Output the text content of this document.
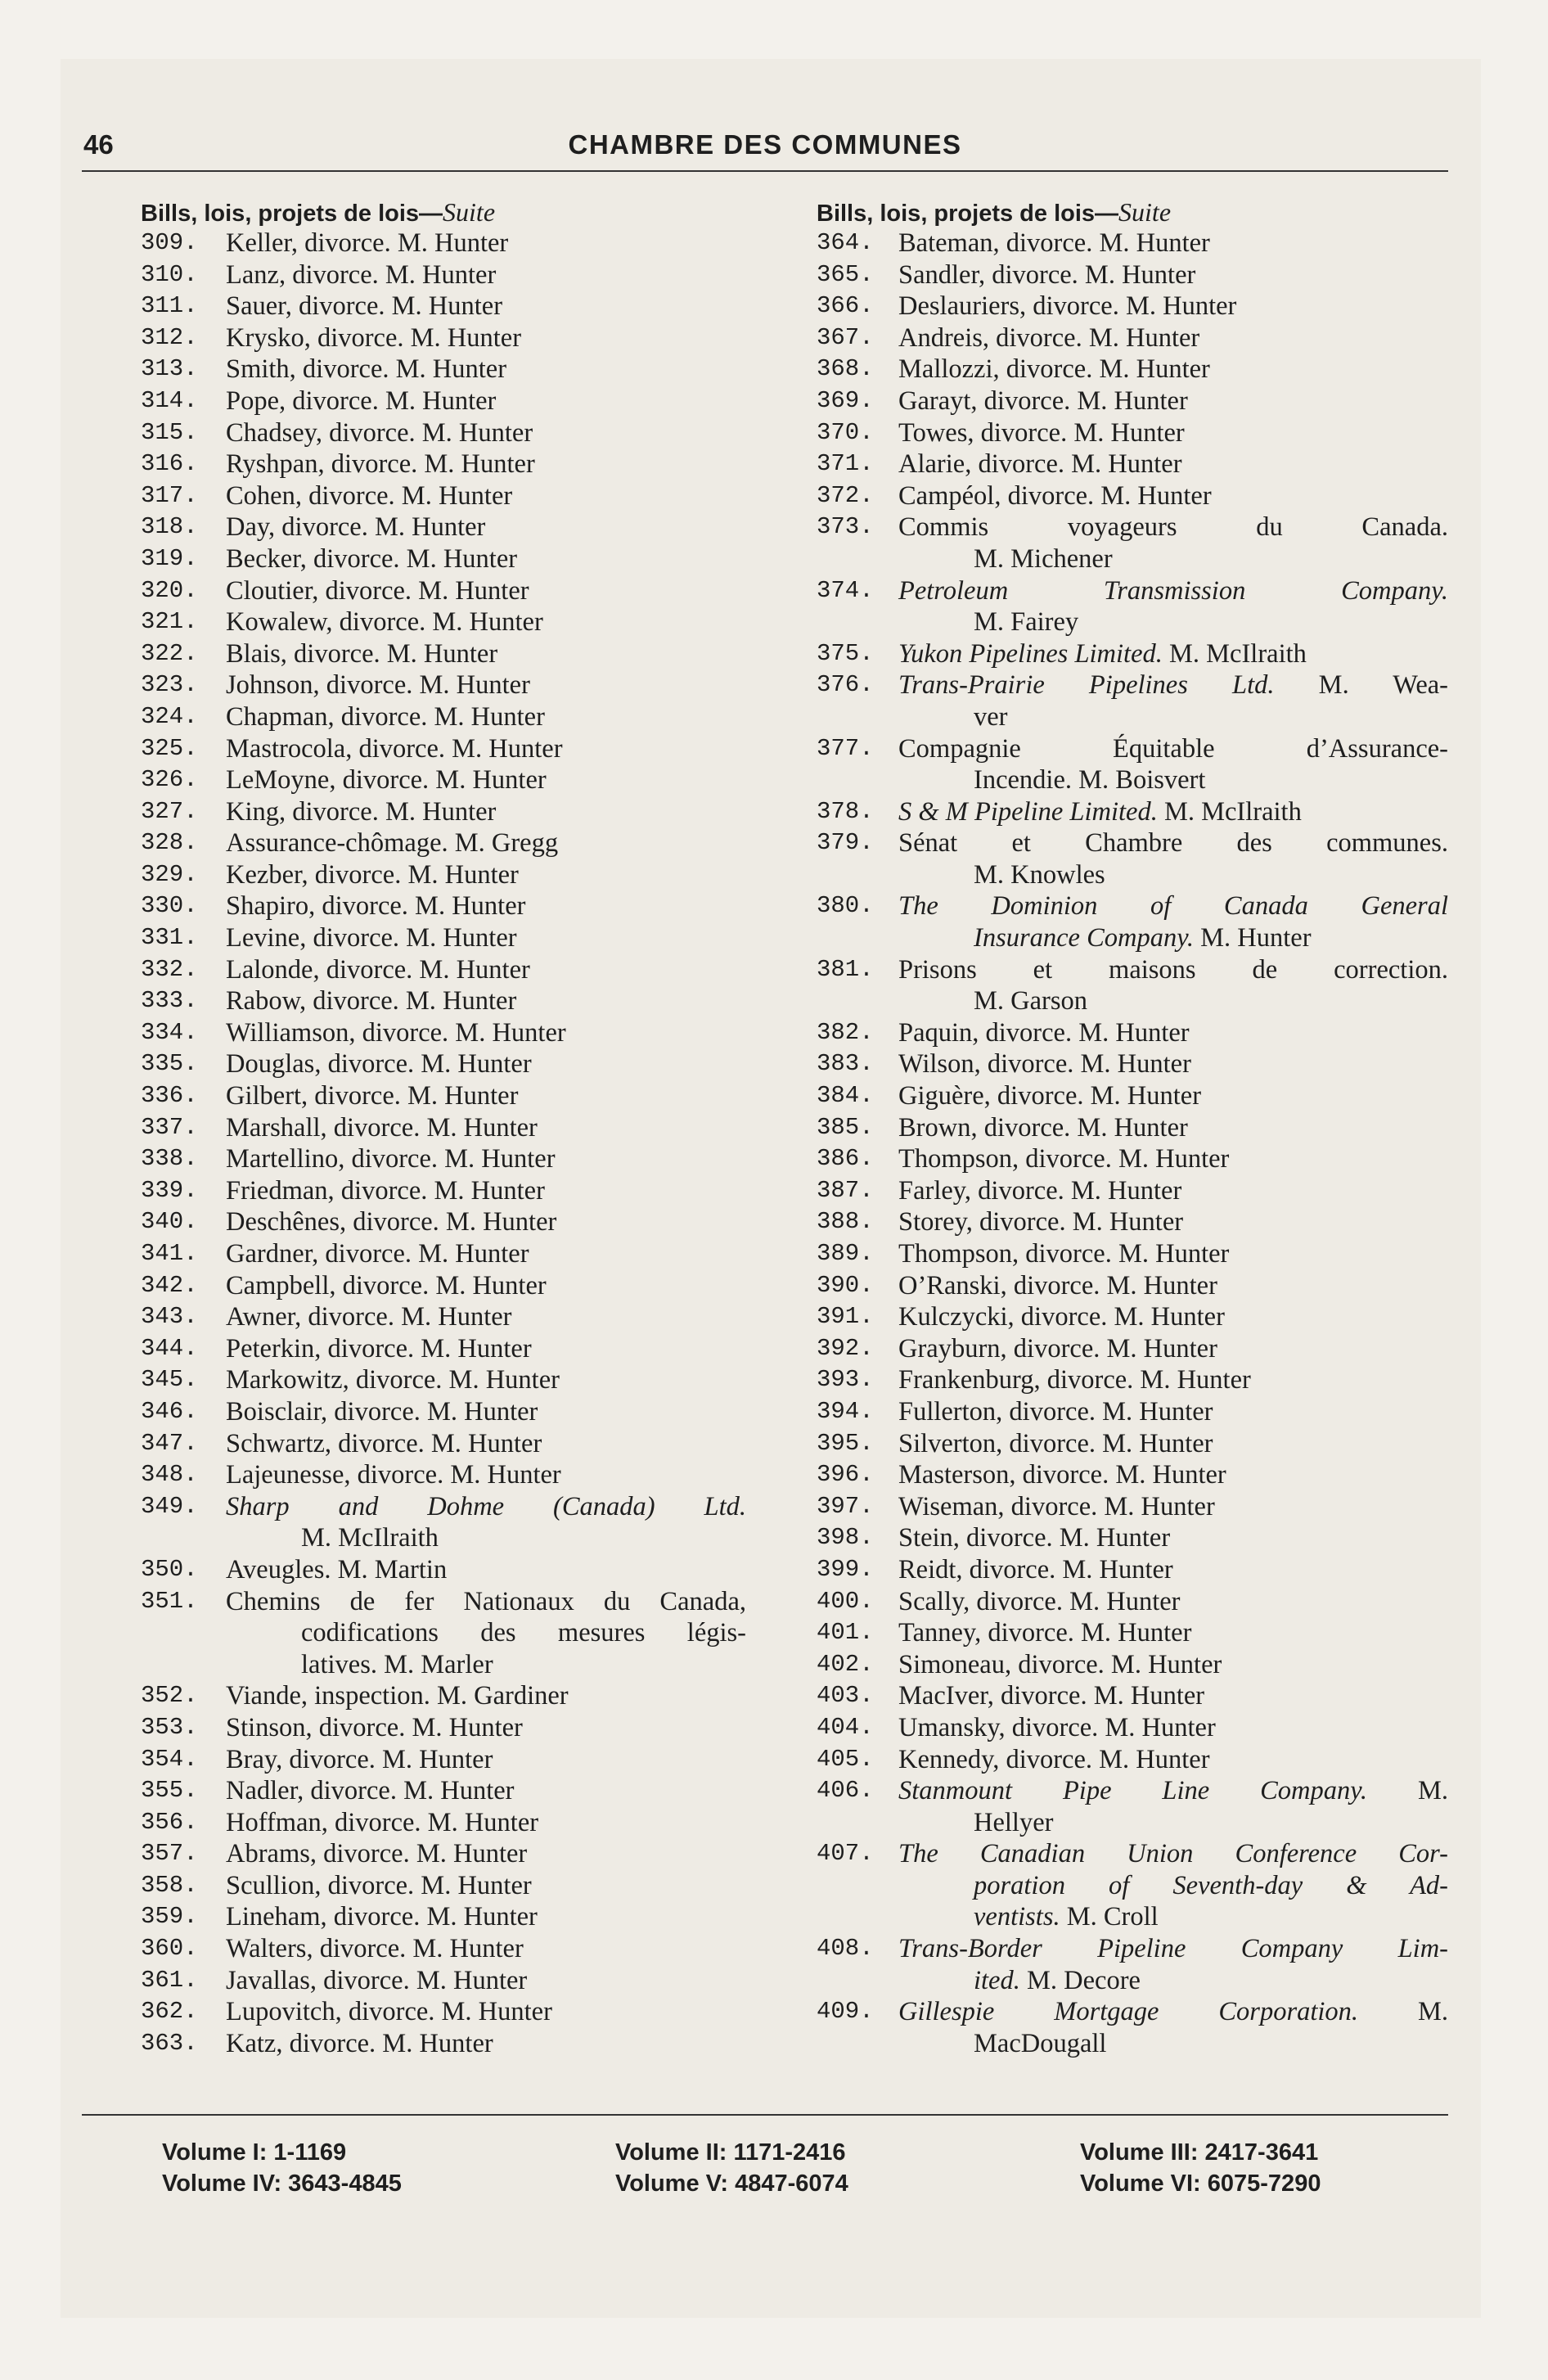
46	CHAMBRE DES COMMUNES
Bills, lois, projets de lois—Suite
309. Keller, divorce. M. Hunter
310. Lanz, divorce. M. Hunter
311. Sauer, divorce. M. Hunter
312. Krysko, divorce. M. Hunter
313. Smith, divorce. M. Hunter
314. Pope, divorce. M. Hunter
315. Chadsey, divorce. M. Hunter
316. Ryshpan, divorce. M. Hunter
317. Cohen, divorce. M. Hunter
318. Day, divorce. M. Hunter
319. Becker, divorce. M. Hunter
320. Cloutier, divorce. M. Hunter
321. Kowalew, divorce. M. Hunter
322. Blais, divorce. M. Hunter
323. Johnson, divorce. M. Hunter
324. Chapman, divorce. M. Hunter
325. Mastrocola, divorce. M. Hunter
326. LeMoyne, divorce. M. Hunter
327. King, divorce. M. Hunter
328. Assurance-chômage. M. Gregg
329. Kezber, divorce. M. Hunter
330. Shapiro, divorce. M. Hunter
331. Levine, divorce. M. Hunter
332. Lalonde, divorce. M. Hunter
333. Rabow, divorce. M. Hunter
334. Williamson, divorce. M. Hunter
335. Douglas, divorce. M. Hunter
336. Gilbert, divorce. M. Hunter
337. Marshall, divorce. M. Hunter
338. Martellino, divorce. M. Hunter
339. Friedman, divorce. M. Hunter
340. Deschênes, divorce. M. Hunter
341. Gardner, divorce. M. Hunter
342. Campbell, divorce. M. Hunter
343. Awner, divorce. M. Hunter
344. Peterkin, divorce. M. Hunter
345. Markowitz, divorce. M. Hunter
346. Boisclair, divorce. M. Hunter
347. Schwartz, divorce. M. Hunter
348. Lajeunesse, divorce. M. Hunter
349. Sharp and Dohme (Canada) Ltd.
M. McIlraith
350. Aveugles. M. Martin
351. Chemins de fer Nationaux du Canada,
codifications des mesures légis-
latives. M. Marler
352. Viande, inspection. M. Gardiner
353. Stinson, divorce. M. Hunter
354. Bray, divorce. M. Hunter
355. Nadler, divorce. M. Hunter
356. Hoffman, divorce. M. Hunter
357. Abrams, divorce. M. Hunter
358. Scullion, divorce. M. Hunter
359. Lineham, divorce. M. Hunter
360. Walters, divorce. M. Hunter
361. Javallas, divorce. M. Hunter
362. Lupovitch, divorce. M. Hunter
363. Katz, divorce. M. Hunter
Bills, lois, projets de lois—Suite
364. Bateman, divorce. M. Hunter
365. Sandler, divorce. M. Hunter
366. Deslauriers, divorce. M. Hunter
367. Andreis, divorce. M. Hunter
368. Mallozzi, divorce. M. Hunter
369. Garayt, divorce. M. Hunter
370. Towes, divorce. M. Hunter
371. Alarie, divorce. M. Hunter
372. Campéol, divorce. M. Hunter
373. Commis voyageurs du Canada.
M. Michener
374. Petroleum Transmission Company.
M. Fairey
375. Yukon Pipelines Limited. M. McIlraith
376. Trans-Prairie Pipelines Ltd. M. Wea-
ver
377. Compagnie Équitable d’Assurance-
Incendie. M. Boisvert
378. S & M Pipeline Limited. M. McIlraith
379. Sénat et Chambre des communes.
M. Knowles
380. The Dominion of Canada General
Insurance Company. M. Hunter
381. Prisons et maisons de correction.
M. Garson
382. Paquin, divorce. M. Hunter
383. Wilson, divorce. M. Hunter
384. Giguère, divorce. M. Hunter
385. Brown, divorce. M. Hunter
386. Thompson, divorce. M. Hunter
387. Farley, divorce. M. Hunter
388. Storey, divorce. M. Hunter
389. Thompson, divorce. M. Hunter
390. O’Ranski, divorce. M. Hunter
391. Kulczycki, divorce. M. Hunter
392. Grayburn, divorce. M. Hunter
393. Frankenburg, divorce. M. Hunter
394. Fullerton, divorce. M. Hunter
395. Silverton, divorce. M. Hunter
396. Masterson, divorce. M. Hunter
397. Wiseman, divorce. M. Hunter
398. Stein, divorce. M. Hunter
399. Reidt, divorce. M. Hunter
400. Scally, divorce. M. Hunter
401. Tanney, divorce. M. Hunter
402. Simoneau, divorce. M. Hunter
403. MacIver, divorce. M. Hunter
404. Umansky, divorce. M. Hunter
405. Kennedy, divorce. M. Hunter
406. Stanmount Pipe Line Company. M.
Hellyer
407. The Canadian Union Conference Cor-
poration of Seventh-day & Ad-
ventists. M. Croll
408. Trans-Border Pipeline Company Lim-
ited. M. Decore
409. Gillespie Mortgage Corporation. M.
MacDougall
Volume I: 1-1169	Volume II: 1171-2416	Volume III: 2417-3641
Volume IV: 3643-4845	Volume V: 4847-6074	Volume VI: 6075-7290
